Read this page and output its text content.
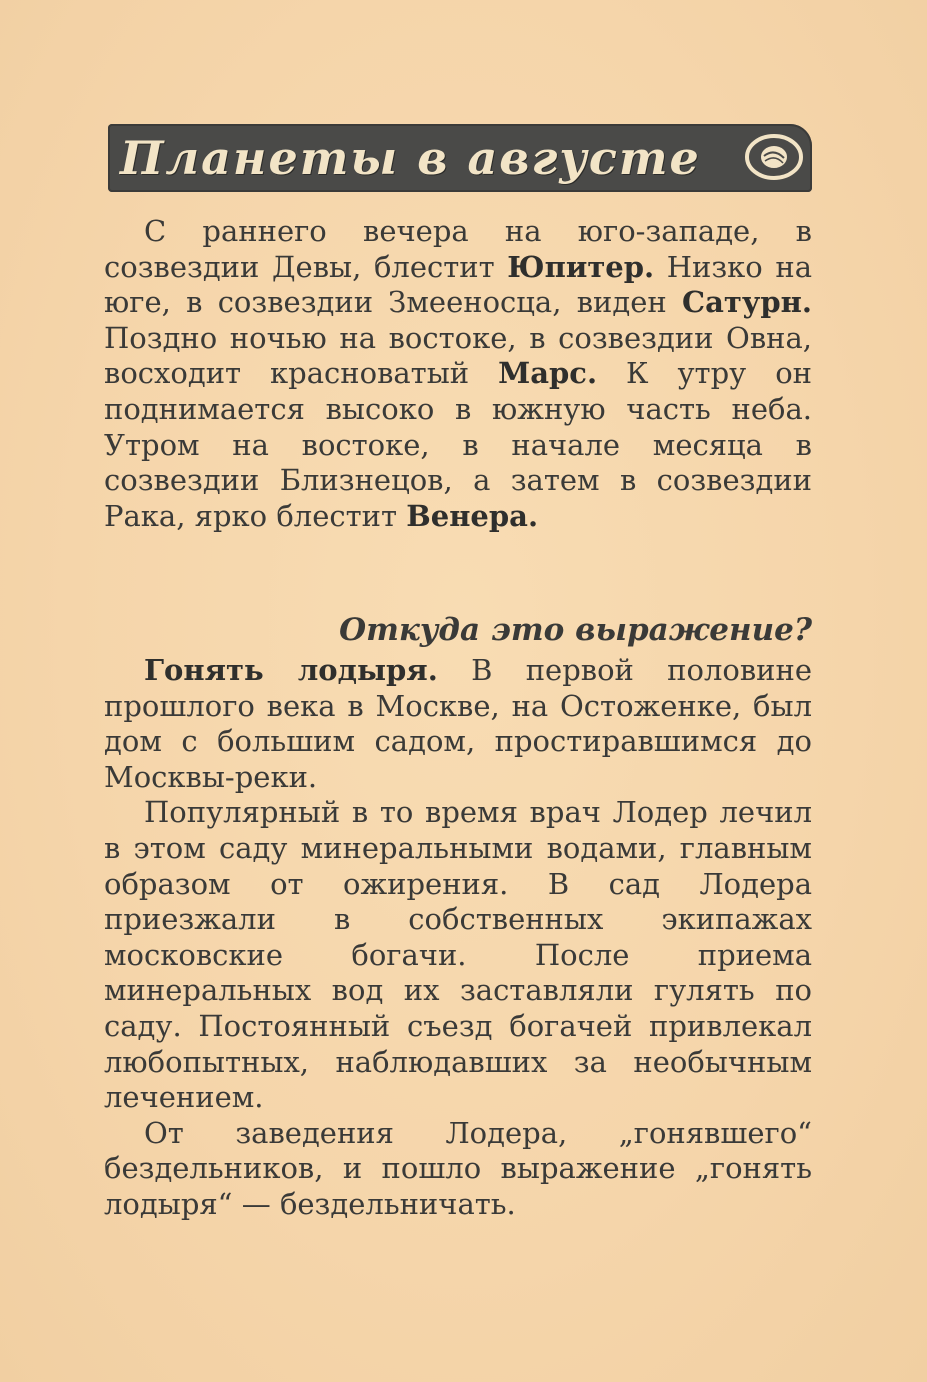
Планеты в августе

С раннего вечера на юго-западе, в созвездии Девы, блестит Юпитер. Низко на юге, в созвездии Змееносца, виден Сатурн. Поздно ночью на востоке, в созвездии Овна, восходит красноватый Марс. К утру он поднимается высоко в южную часть неба. Утром на востоке, в начале месяца в созвездии Близнецов, а затем в созвездии Рака, ярко блестит Венера.

Откуда это выражение?

Гонять лодыря. В первой половине прошлого века в Москве, на Остоженке, был дом с большим садом, простиравшимся до Москвы-реки.

Популярный в то время врач Лодер лечил в этом саду минеральными водами, главным образом от ожирения. В сад Лодера приезжали в собственных экипажах московские богачи. После приема минеральных вод их заставляли гулять по саду. Постоянный съезд богачей привлекал любопытных, наблюдавших за необычным лечением.

От заведения Лодера, „гонявшего“ бездельников, и пошло выражение „гонять лодыря“ — бездельничать.
